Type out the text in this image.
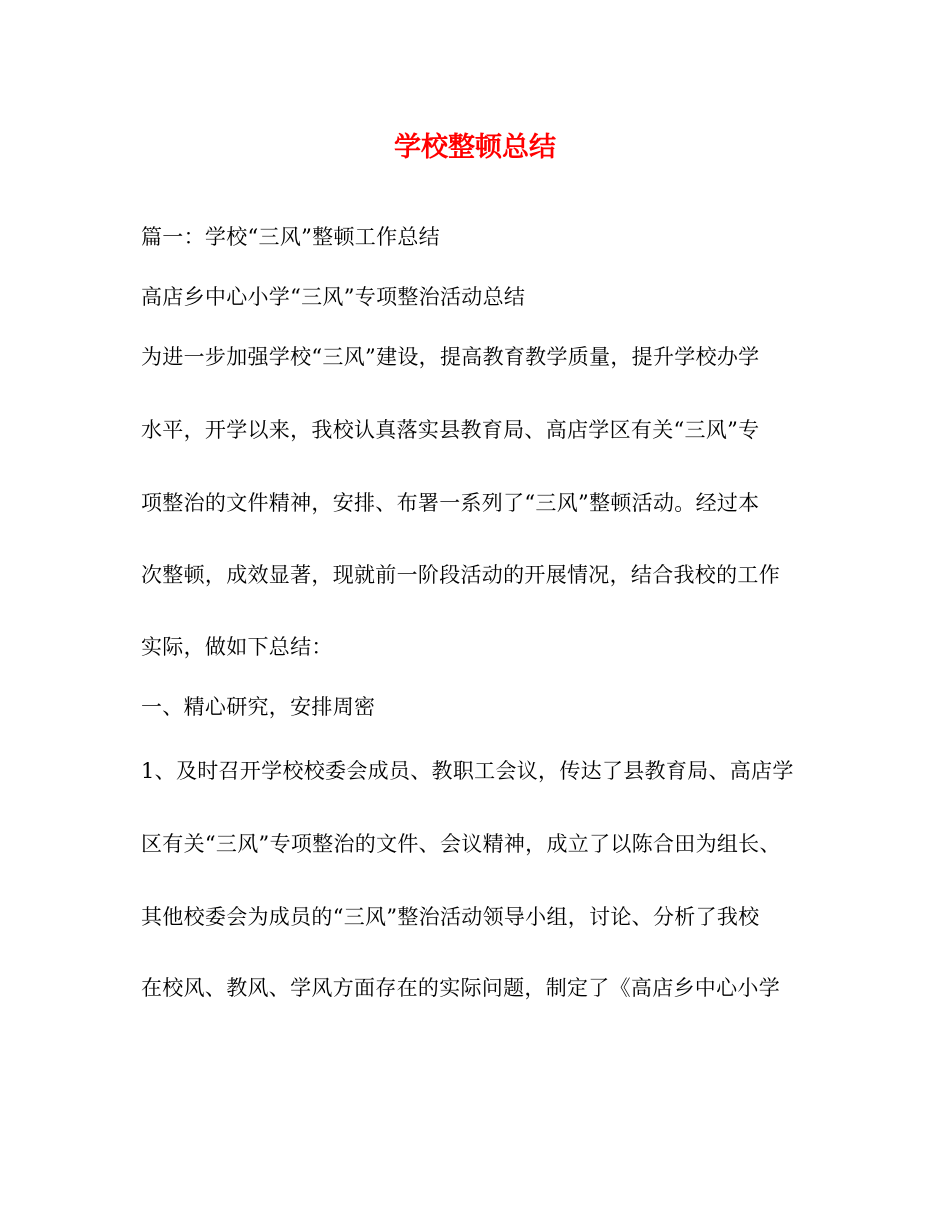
学校整顿总结
篇一：学校“三风”整顿工作总结
高店乡中心小学“三风”专项整治活动总结
为进一步加强学校“三风”建设，提高教育教学质量，提升学校办学
水平，开学以来，我校认真落实县教育局、高店学区有关“三风”专
项整治的文件精神，安排、布署一系列了“三风”整顿活动。经过本
次整顿，成效显著，现就前一阶段活动的开展情况，结合我校的工作
实际，做如下总结：
一、精心研究，安排周密
1、及时召开学校校委会成员、教职工会议，传达了县教育局、高店学
区有关“三风”专项整治的文件、会议精神，成立了以陈合田为组长、
其他校委会为成员的“三风”整治活动领导小组，讨论、分析了我校
在校风、教风、学风方面存在的实际问题，制定了《高店乡中心小学
